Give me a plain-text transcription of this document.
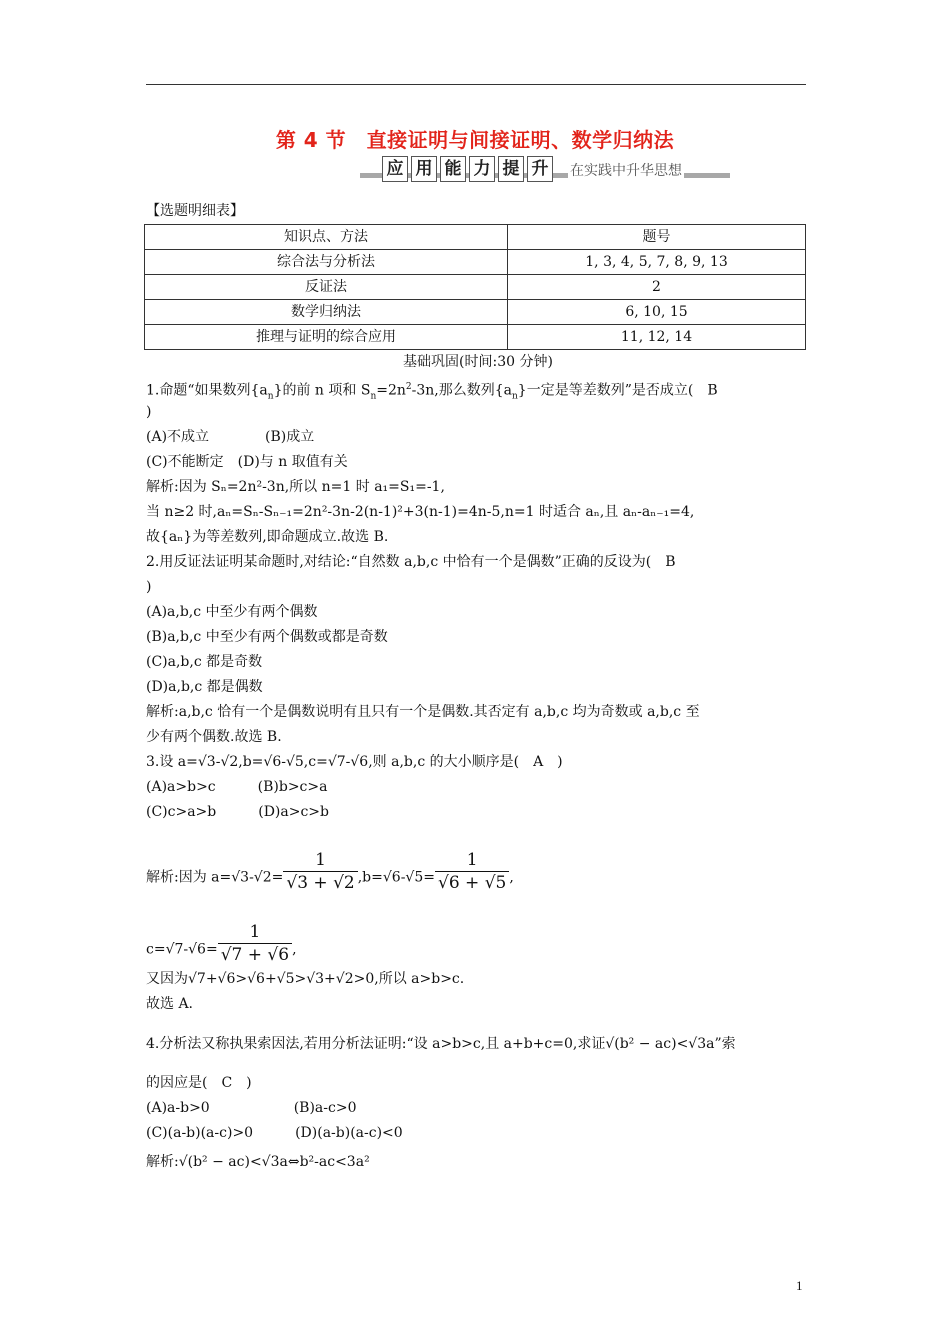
第 4 节　直接证明与间接证明、数学归纳法
应 用 能 力 提 升	在实践中升华思想
【选题明细表】
知识点、方法	题号
综合法与分析法	1, 3, 4, 5, 7, 8, 9, 13
反证法	2
数学归纳法	6, 10, 15
推理与证明的综合应用	11, 12, 14
基础巩固(时间:30 分钟)
1.命题“如果数列$\{a_n\}$的前 n 项和 $S_n=2n^2-3n$,那么数列$\{a_n\}$一定是等差数列”是否成立(　B
)
(A)不成立　　　　(B)成立
(C)不能断定　(D)与 n 取值有关
解析:因为 Sₙ=2n²-3n,所以 n=1 时 a₁=S₁=-1,
当 n≥2 时,aₙ=Sₙ-Sₙ₋₁=2n²-3n-2(n-1)²+3(n-1)=4n-5,n=1 时适合 aₙ,且 aₙ-aₙ₋₁=4,
故{aₙ}为等差数列,即命题成立.故选 B.
2.用反证法证明某命题时,对结论:“自然数 a,b,c 中恰有一个是偶数”正确的反设为(　B
)
(A)a,b,c 中至少有两个偶数
(B)a,b,c 中至少有两个偶数或都是奇数
(C)a,b,c 都是奇数
(D)a,b,c 都是偶数
解析:a,b,c 恰有一个是偶数说明有且只有一个是偶数.其否定有 a,b,c 均为奇数或 a,b,c 至
少有两个偶数.故选 B.
3.设 a=√3-√2,b=√6-√5,c=√7-√6,则 a,b,c 的大小顺序是(　A　)
(A)a>b>c　　　(B)b>c>a
(C)c>a>b　　　(D)a>c>b
解析:因为 $a=√3-√2= \frac{1}{√3 + √2} ,b=√6-√5= \frac{1}{√6 + √5}$ ,
$c=√7-√6= \frac{1}{√7 + √6}$ ,
又因为√7+√6>√6+√5>√3+√2>0,所以 a>b>c.
故选 A.
4.分析法又称执果索因法,若用分析法证明:“设 a>b>c,且 a+b+c=0,求证√(b² − ac)<√3a”索
的因应是(　C　)
(A)a-b>0　　　　　　(B)a-c>0
(C)(a-b)(a-c)>0　　　(D)(a-b)(a-c)<0
解析:√(b² − ac)<√3a⇔b²-ac<3a²
1
